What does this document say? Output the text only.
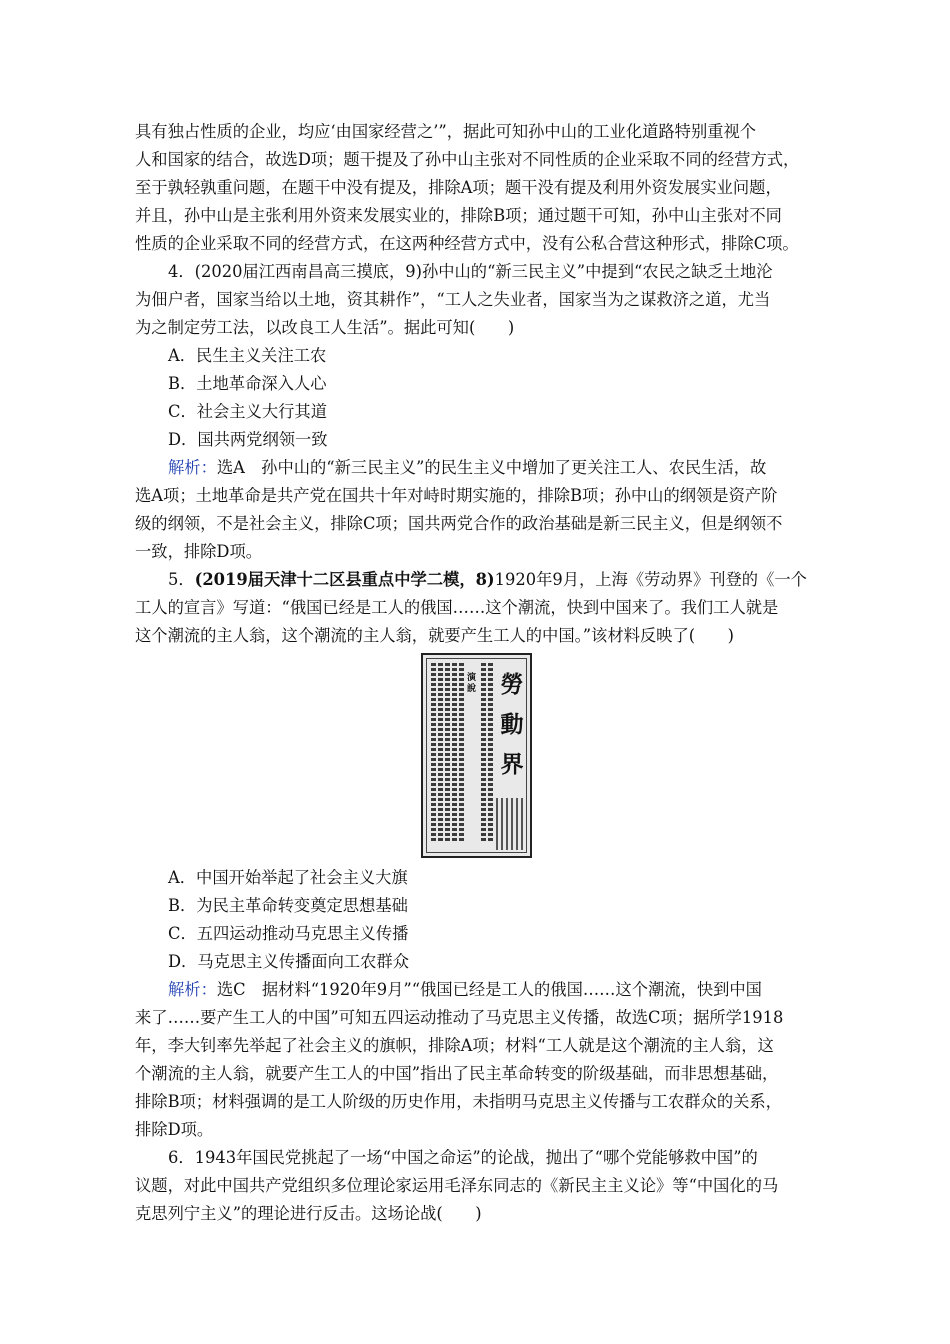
具有独占性质的企业，均应‘由国家经营之’”，据此可知孙中山的工业化道路特别重视个
人和国家的结合，故选D项；题干提及了孙中山主张对不同性质的企业采取不同的经营方式，
至于孰轻孰重问题，在题干中没有提及，排除A项；题干没有提及利用外资发展实业问题，
并且，孙中山是主张利用外资来发展实业的，排除B项；通过题干可知，孙中山主张对不同
性质的企业采取不同的经营方式，在这两种经营方式中，没有公私合营这种形式，排除C项。
4．(2020届江西南昌高三摸底，9)孙中山的“新三民主义”中提到“农民之缺乏土地沦
为佃户者，国家当给以土地，资其耕作”，“工人之失业者，国家当为之谋救济之道，尤当
为之制定劳工法，以改良工人生活”。据此可知(　　)
A．民生主义关注工农
B．土地革命深入人心
C．社会主义大行其道
D．国共两党纲领一致
解析：选A　孙中山的“新三民主义”的民生主义中增加了更关注工人、农民生活，故
选A项；土地革命是共产党在国共十年对峙时期实施的，排除B项；孙中山的纲领是资产阶
级的纲领，不是社会主义，排除C项；国共两党合作的政治基础是新三民主义，但是纲领不
一致，排除D项。
5．(2019届天津十二区县重点中学二模，8)1920年9月，上海《劳动界》刊登的《一个
工人的宣言》写道：“俄国已经是工人的俄国……这个潮流，快到中国来了。我们工人就是
这个潮流的主人翁，这个潮流的主人翁，就要产生工人的中国。”该材料反映了(　　)
勞動界
演說
A．中国开始举起了社会主义大旗
B．为民主革命转变奠定思想基础
C．五四运动推动马克思主义传播
D．马克思主义传播面向工农群众
解析：选C　据材料“1920年9月”“俄国已经是工人的俄国……这个潮流，快到中国
来了……要产生工人的中国”可知五四运动推动了马克思主义传播，故选C项；据所学1918
年，李大钊率先举起了社会主义的旗帜，排除A项；材料“工人就是这个潮流的主人翁，这
个潮流的主人翁，就要产生工人的中国”指出了民主革命转变的阶级基础，而非思想基础，
排除B项；材料强调的是工人阶级的历史作用，未指明马克思主义传播与工农群众的关系，
排除D项。
6．1943年国民党挑起了一场“中国之命运”的论战，抛出了“哪个党能够救中国”的
议题，对此中国共产党组织多位理论家运用毛泽东同志的《新民主主义论》等“中国化的马
克思列宁主义”的理论进行反击。这场论战(　　)
